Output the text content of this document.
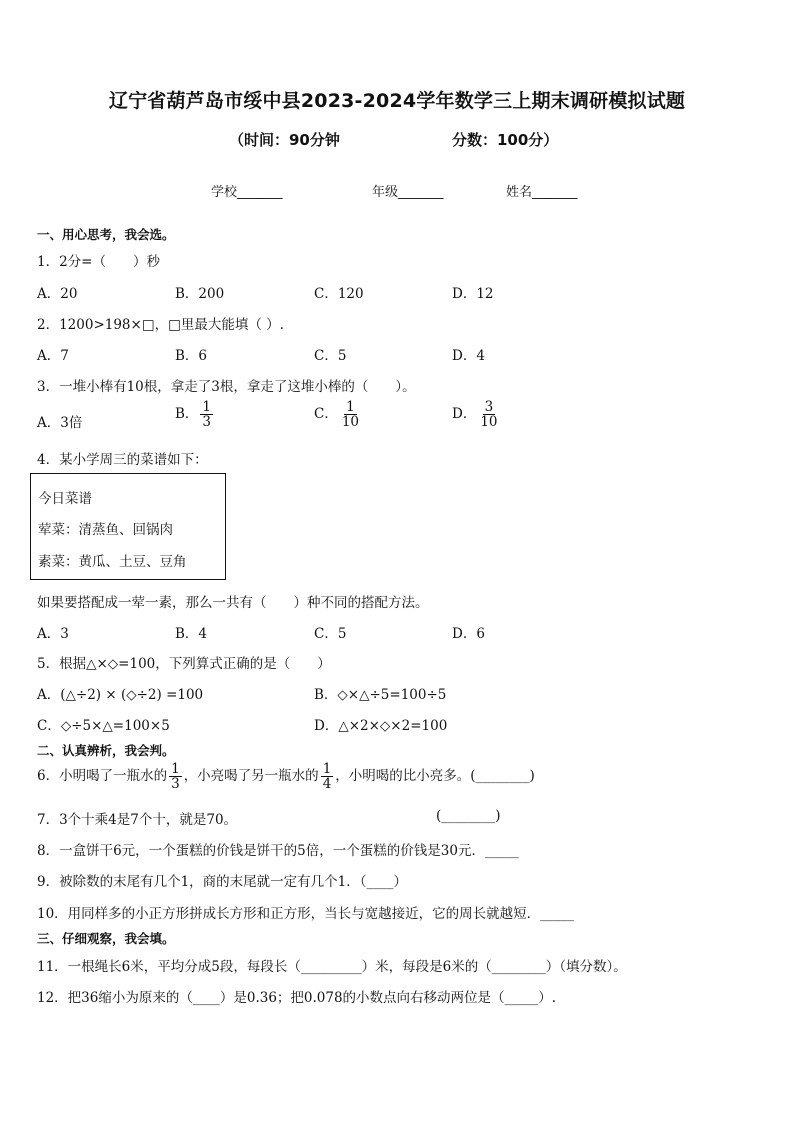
辽宁省葫芦岛市绥中县2023-2024学年数学三上期末调研模拟试题
（时间：90分钟	分数：100分）
学校_______	年级_______	姓名_______
一、用心思考，我会选。
1．2分=（　　）秒
A．20	B．200	C．120	D．12
2．1200>198×□，□里最大能填（ ）.
A．7	B．6	C．5	D．4
3．一堆小棒有10根，拿走了3根，拿走了这堆小棒的（　　）。
A．3倍
B． $\frac{1}{3}$	C． $\frac{1}{10}$	D． $\frac{3}{10}$
4．某小学周三的菜谱如下：
今日菜谱
荤菜：清蒸鱼、回锅肉
素菜：黄瓜、土豆、豆角
如果要搭配成一荤一素，那么一共有（　　）种不同的搭配方法。
A．3	B．4	C．5	D．6
5．根据△×◇=100，下列算式正确的是（　　）
A．(△÷2) × (◇÷2) =100	B．◇×△÷5=100÷5
C．◇÷5×△=100×5	D．△×2×◇×2=100
二、认真辨析，我会判。
6．小明喝了一瓶水的 $\frac{1}{3}$ ，小亮喝了另一瓶水的 $\frac{1}{4}$ ，小明喝的比小亮多。(________)
7．3个十乘4是7个十，就是70。	(________)
8．一盒饼干6元，一个蛋糕的价钱是饼干的5倍，一个蛋糕的价钱是30元．_____
9．被除数的末尾有几个1，商的末尾就一定有几个1．（____）
10．用同样多的小正方形拼成长方形和正方形，当长与宽越接近，它的周长就越短．_____
三、仔细观察，我会填。
11．一根绳长6米，平均分成5段，每段长（_________）米，每段是6米的（________）（填分数）。
12．把36缩小为原来的（____）是0.36；把0.078的小数点向右移动两位是（_____）.
